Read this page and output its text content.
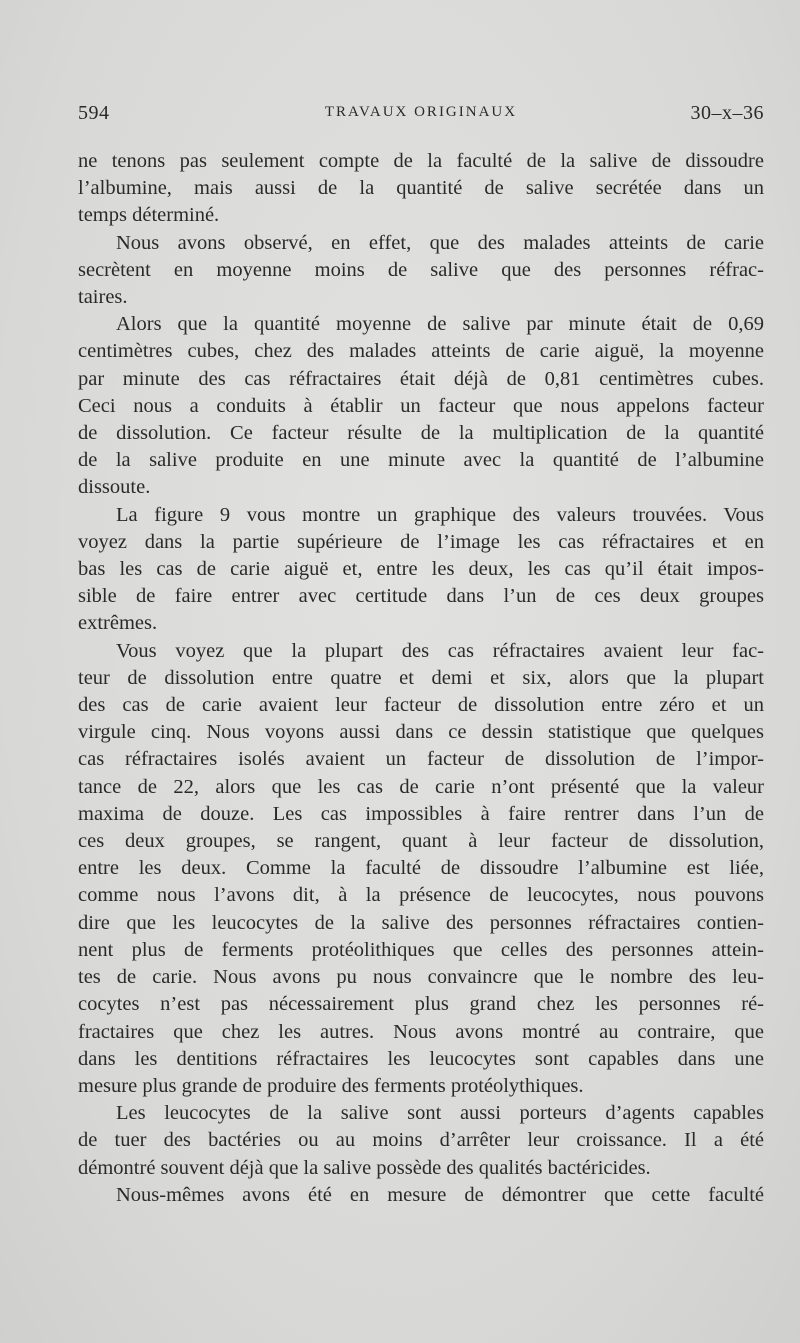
594	TRAVAUX ORIGINAUX	30–x–36
ne tenons pas seulement compte de la faculté de la salive de dissoudre
l’albumine, mais aussi de la quantité de salive secrétée dans un
temps déterminé.
Nous avons observé, en effet, que des malades atteints de carie
secrètent en moyenne moins de salive que des personnes réfrac-
taires.
Alors que la quantité moyenne de salive par minute était de 0,69
centimètres cubes, chez des malades atteints de carie aiguë, la moyenne
par minute des cas réfractaires était déjà de 0,81 centimètres cubes.
Ceci nous a conduits à établir un facteur que nous appelons facteur
de dissolution. Ce facteur résulte de la multiplication de la quantité
de la salive produite en une minute avec la quantité de l’albumine
dissoute.
La figure 9 vous montre un graphique des valeurs trouvées. Vous
voyez dans la partie supérieure de l’image les cas réfractaires et en
bas les cas de carie aiguë et, entre les deux, les cas qu’il était impos-
sible de faire entrer avec certitude dans l’un de ces deux groupes
extrêmes.
Vous voyez que la plupart des cas réfractaires avaient leur fac-
teur de dissolution entre quatre et demi et six, alors que la plupart
des cas de carie avaient leur facteur de dissolution entre zéro et un
virgule cinq. Nous voyons aussi dans ce dessin statistique que quelques
cas réfractaires isolés avaient un facteur de dissolution de l’impor-
tance de 22, alors que les cas de carie n’ont présenté que la valeur
maxima de douze. Les cas impossibles à faire rentrer dans l’un de
ces deux groupes, se rangent, quant à leur facteur de dissolution,
entre les deux. Comme la faculté de dissoudre l’albumine est liée,
comme nous l’avons dit, à la présence de leucocytes, nous pouvons
dire que les leucocytes de la salive des personnes réfractaires contien-
nent plus de ferments protéolithiques que celles des personnes attein-
tes de carie. Nous avons pu nous convaincre que le nombre des leu-
cocytes n’est pas nécessairement plus grand chez les personnes ré-
fractaires que chez les autres. Nous avons montré au contraire, que
dans les dentitions réfractaires les leucocytes sont capables dans une
mesure plus grande de produire des ferments protéolythiques.
Les leucocytes de la salive sont aussi porteurs d’agents capables
de tuer des bactéries ou au moins d’arrêter leur croissance. Il a été
démontré souvent déjà que la salive possède des qualités bactéricides.
Nous-mêmes avons été en mesure de démontrer que cette faculté
